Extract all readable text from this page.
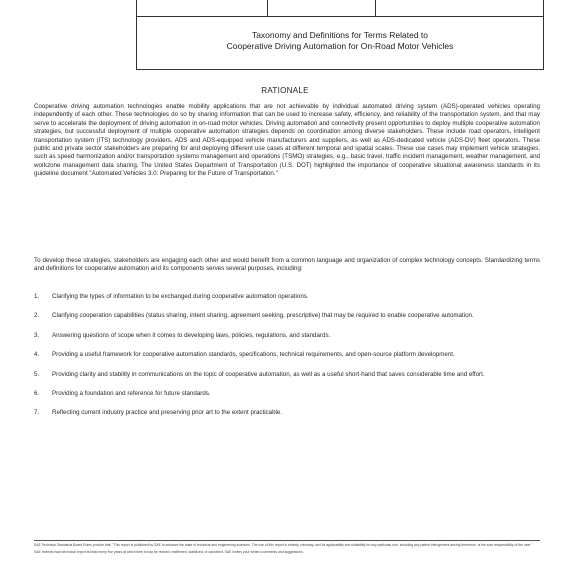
Taxonomy and Definitions for Terms Related to
Cooperative Driving Automation for On-Road Motor Vehicles
RATIONALE
Cooperative driving automation technologies enable mobility applications that are not achievable by individual automated driving system (ADS)-operated vehicles operating independently of each other. These technologies do so by sharing information that can be used to increase safety, efficiency, and reliability of the transportation system, and that may serve to accelerate the deployment of driving automation in on-road motor vehicles. Driving automation and connectivity present opportunities to deploy multiple cooperative automation strategies, but successful deployment of multiple cooperative automation strategies depends on coordination among diverse stakeholders. These include road operators, intelligent transportation system (ITS) technology providers, ADS and ADS-equipped vehicle manufacturers and suppliers, as well as ADS-dedicated vehicle (ADS-DV) fleet operators. These public and private sector stakeholders are preparing for and deploying different use cases at different temporal and spatial scales. These use cases may implement vehicle strategies, such as speed harmonization and/or transportation systems management and operations (TSMO) strategies, e.g., basic travel, traffic incident management, weather management, and workzone management data sharing. The United States Department of Transportation (U.S. DOT) highlighted the importance of cooperative situational awareness standards in its guideline document "Automated Vehicles 3.0: Preparing for the Future of Transportation."
To develop these strategies, stakeholders are engaging each other and would benefit from a common language and organization of complex technology concepts. Standardizing terms and definitions for cooperative automation and its components serves several purposes, including:
1.	Clarifying the types of information to be exchanged during cooperative automation operations.
2.	Clarifying cooperation capabilities (status sharing, intent sharing, agreement seeking, prescriptive) that may be required to enable cooperative automation.
3.	Answering questions of scope when it comes to developing laws, policies, regulations, and standards.
4.	Providing a useful framework for cooperative automation standards, specifications, technical requirements, and open-source platform development.
5.	Providing clarity and stability in communications on the topic of cooperative automation, as well as a useful short-hand that saves considerable time and effort.
6.	Providing a foundation and reference for future standards.
7.	Reflecting current industry practice and preserving prior art to the extent practicable.

SAE Technical Standards Board Rules provide that: "This report is published by SAE to advance the state of technical and engineering sciences. The use of this report is entirely voluntary, and its applicability and suitability for any particular use, including any patent infringement arising therefrom, is the sole responsibility of the user."

SAE reviews each technical report at least every five years at which time it may be revised, reaffirmed, stabilized, or cancelled. SAE invites your written comments and suggestions.
